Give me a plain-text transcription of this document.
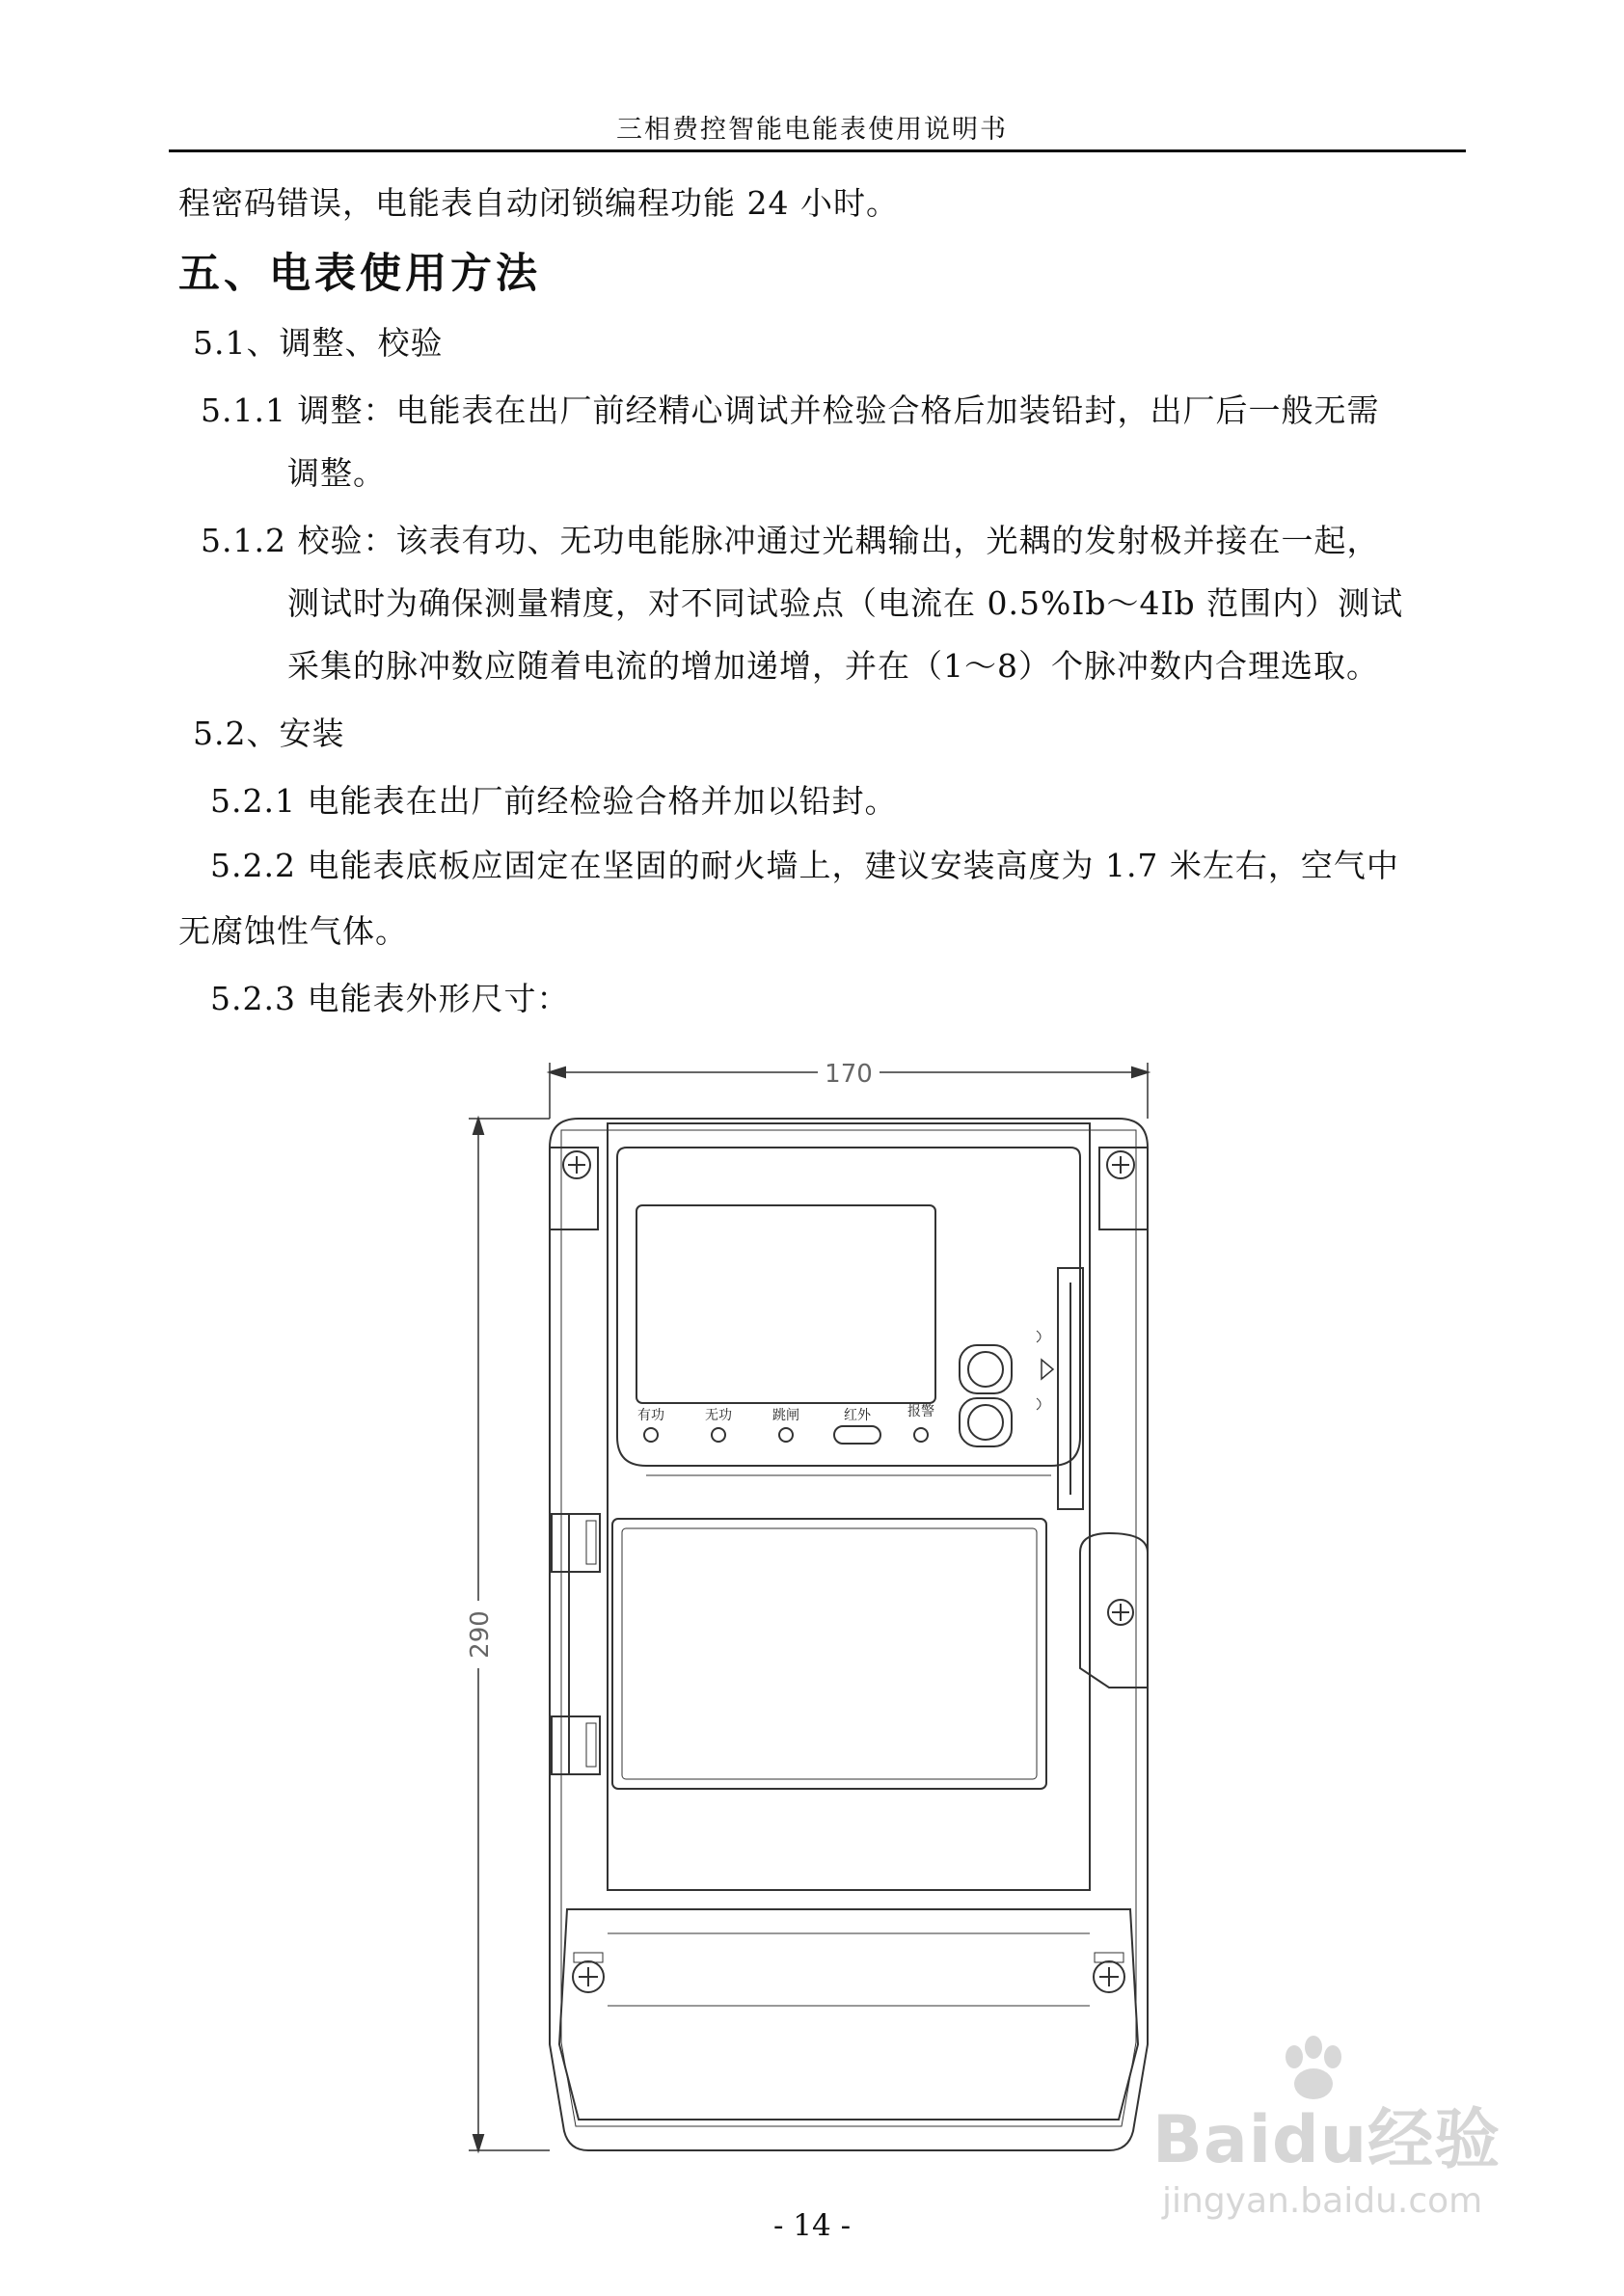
三相费控智能电能表使用说明书
程密码错误，电能表自动闭锁编程功能 24 小时。
五、电表使用方法
5.1、调整、校验
5.1.1 调整：电能表在出厂前经精心调试并检验合格后加装铅封，出厂后一般无需
调整。
5.1.2 校验：该表有功、无功电能脉冲通过光耦输出，光耦的发射极并接在一起，
测试时为确保测量精度，对不同试验点（电流在 0.5%Ib～4Ib 范围内）测试
采集的脉冲数应随着电流的增加递增，并在（1～8）个脉冲数内合理选取。
5.2、安装
5.2.1 电能表在出厂前经检验合格并加以铅封。
5.2.2 电能表底板应固定在坚固的耐火墙上，建议安装高度为 1.7 米左右，空气中
无腐蚀性气体。
5.2.3 电能表外形尺寸：
170
290
有功	无功	跳闸	红外	报警
- 14 -
Baidu经验
jingyan.baidu.com
